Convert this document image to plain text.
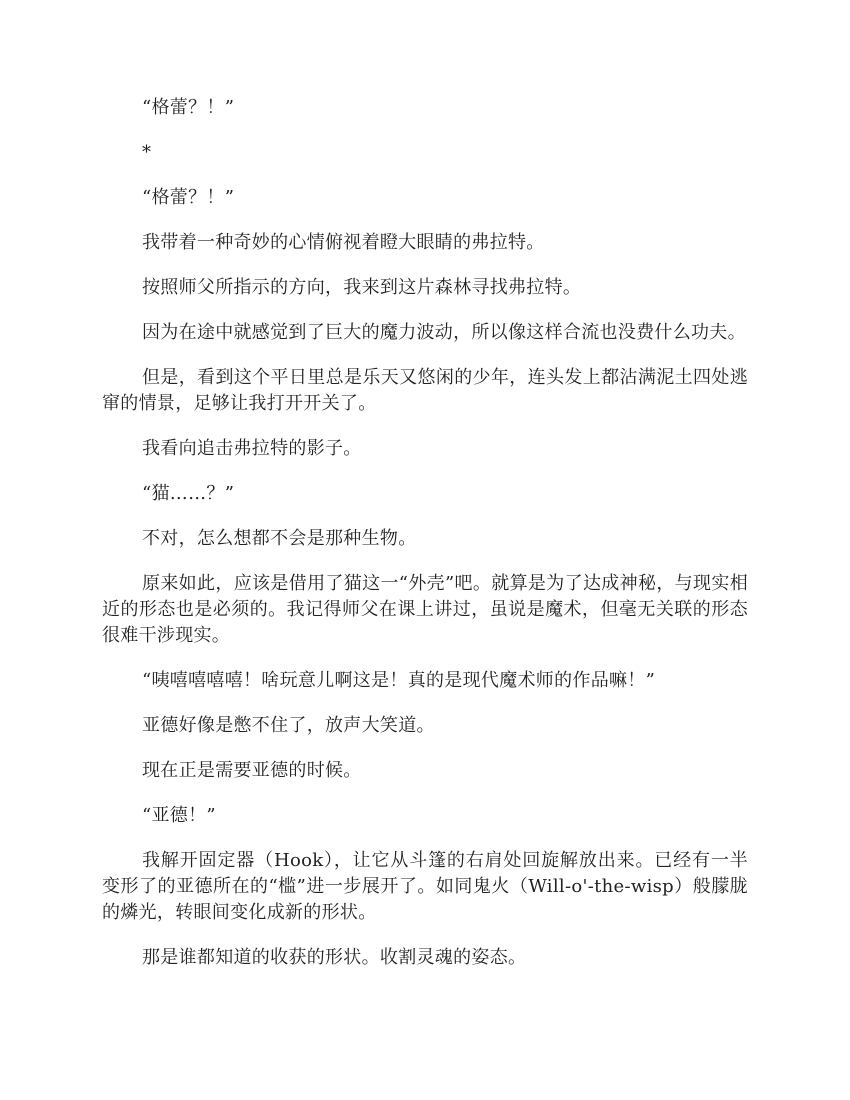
“格蕾？！”

*

“格蕾？！”

我带着一种奇妙的心情俯视着瞪大眼睛的弗拉特。

按照师父所指示的方向，我来到这片森林寻找弗拉特。

因为在途中就感觉到了巨大的魔力波动，所以像这样合流也没费什么功夫。

但是，看到这个平日里总是乐天又悠闲的少年，连头发上都沾满泥土四处逃窜的情景，足够让我打开开关了。

我看向追击弗拉特的影子。

“猫……？”

不对，怎么想都不会是那种生物。

原来如此，应该是借用了猫这一“外壳”吧。就算是为了达成神秘，与现实相近的形态也是必须的。我记得师父在课上讲过，虽说是魔术，但毫无关联的形态很难干涉现实。

“咦嘻嘻嘻嘻！啥玩意儿啊这是！真的是现代魔术师的作品嘛！”

亚德好像是憋不住了，放声大笑道。

现在正是需要亚德的时候。

“亚德！”

我解开固定器（Hook），让它从斗篷的右肩处回旋解放出来。已经有一半变形了的亚德所在的“槛”进一步展开了。如同鬼火（Will-o'-the-wisp）般朦胧的燐光，转眼间变化成新的形状。

那是谁都知道的收获的形状。收割灵魂的姿态。
